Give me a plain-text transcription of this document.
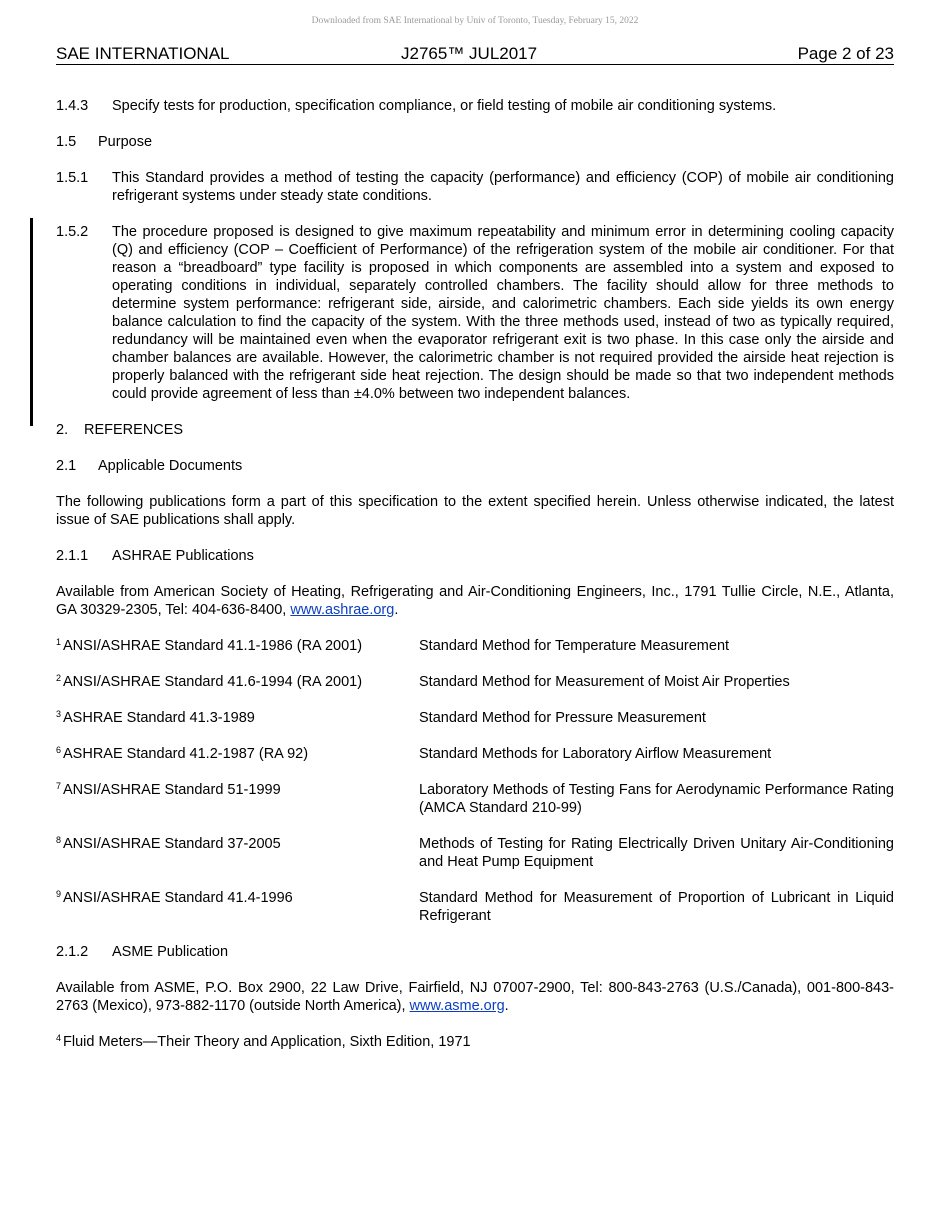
Downloaded from SAE International by Univ of Toronto, Tuesday, February 15, 2022
SAE INTERNATIONAL	J2765™ JUL2017	Page 2 of 23
1.4.3	Specify tests for production, specification compliance, or field testing of mobile air conditioning systems.
1.5	Purpose
1.5.1	This Standard provides a method of testing the capacity (performance) and efficiency (COP) of mobile air conditioning refrigerant systems under steady state conditions.
1.5.2	The procedure proposed is designed to give maximum repeatability and minimum error in determining cooling capacity (Q) and efficiency (COP – Coefficient of Performance) of the refrigeration system of the mobile air conditioner. For that reason a “breadboard” type facility is proposed in which components are assembled into a system and exposed to operating conditions in individual, separately controlled chambers. The facility should allow for three methods to determine system performance: refrigerant side, airside, and calorimetric chambers. Each side yields its own energy balance calculation to find the capacity of the system. With the three methods used, instead of two as typically required, redundancy will be maintained even when the evaporator refrigerant exit is two phase. In this case only the airside and chamber balances are available. However, the calorimetric chamber is not required provided the airside heat rejection is properly balanced with the refrigerant side heat rejection. The design should be made so that two independent methods could provide agreement of less than ±4.0% between two independent balances.
2.	REFERENCES
2.1	Applicable Documents
The following publications form a part of this specification to the extent specified herein. Unless otherwise indicated, the latest issue of SAE publications shall apply.
2.1.1	ASHRAE Publications
Available from American Society of Heating, Refrigerating and Air-Conditioning Engineers, Inc., 1791 Tullie Circle, N.E., Atlanta, GA 30329-2305, Tel: 404-636-8400, www.ashrae.org.
$^1$ ANSI/ASHRAE Standard 41.1-1986 (RA 2001)	Standard Method for Temperature Measurement
$^2$ ANSI/ASHRAE Standard 41.6-1994 (RA 2001)	Standard Method for Measurement of Moist Air Properties
$^3$ ASHRAE Standard 41.3-1989	Standard Method for Pressure Measurement
$^6$ ASHRAE Standard 41.2-1987 (RA 92)	Standard Methods for Laboratory Airflow Measurement
$^7$ ANSI/ASHRAE Standard 51-1999	Laboratory Methods of Testing Fans for Aerodynamic Performance Rating (AMCA Standard 210-99)
$^8$ ANSI/ASHRAE Standard 37-2005	Methods of Testing for Rating Electrically Driven Unitary Air-Conditioning and Heat Pump Equipment
$^9$ ANSI/ASHRAE Standard 41.4-1996	Standard Method for Measurement of Proportion of Lubricant in Liquid Refrigerant
2.1.2	ASME Publication
Available from ASME, P.O. Box 2900, 22 Law Drive, Fairfield, NJ 07007-2900, Tel: 800-843-2763 (U.S./Canada), 001-800-843-2763 (Mexico), 973-882-1170 (outside North America), www.asme.org.
$^4$ Fluid Meters—Their Theory and Application, Sixth Edition, 1971
